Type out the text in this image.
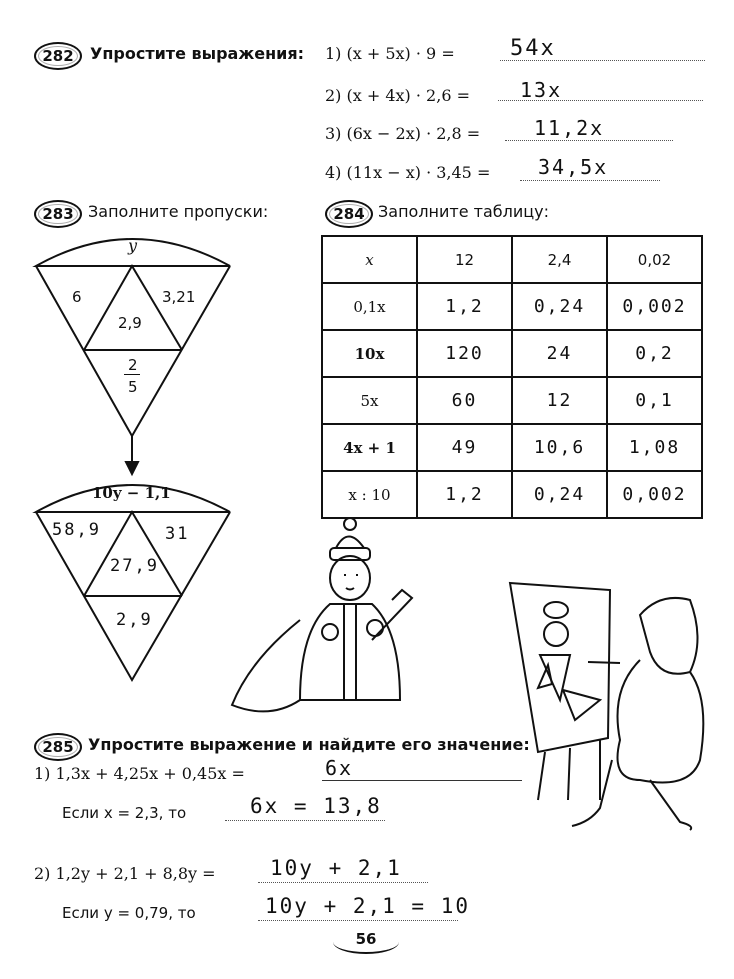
282	Упростите выражения: 1) (x + 5x) · 9 =	54x
2) (x + 4x) · 2,6 =	13x
3) (6x − 2x) · 2,8 =	11,2x
4) (11x − x) · 3,45 = 34,5x
283 Заполните пропуски:
y
6
2,9
3,21
2
5
10y − 1,1
58,9
27,9
31
2,9
284 Заполните таблицу:
x	12	2,4	0,02
0,1x	1,2	0,24	0,002
10x	120	24	0,2
5x	60	12	0,1
4x + 1	49	10,6	1,08
x : 10	1,2	0,24	0,002
285 Упростите выражение и найдите его значение:
1) 1,3x + 4,25x + 0,45x =	6x
Если x = 2,3, то	6x = 13,8
2) 1,2y + 2,1 + 8,8y =	10y + 2,1
Если y = 0,79, то	10y + 2,1 = 10
56
